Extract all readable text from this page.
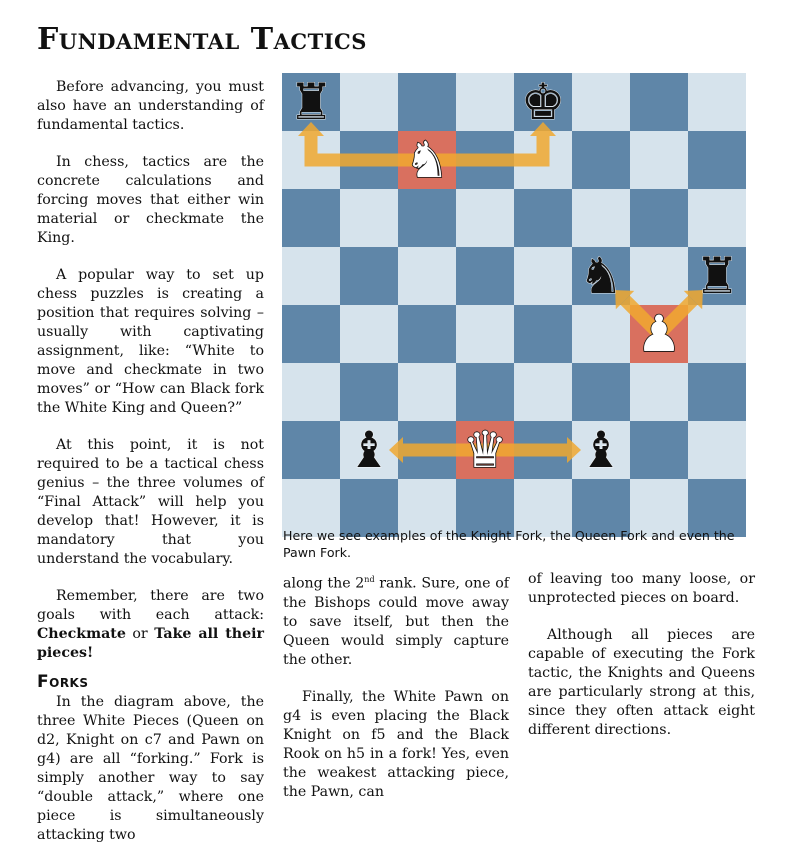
Fundamental Tactics

Before advancing, you must also have an understanding of fundamental tactics.

In chess, tactics are the concrete calculations and forcing moves that either win material or checkmate the King.

A popular way to set up chess puzzles is creating a position that requires solving – usually with captivating assignment, like: “White to move and checkmate in two moves” or “How can Black fork the White King and Queen?”

At this point, it is not required to be a tactical chess genius – the three volumes of “Final Attack” will help you develop that! However, it is mandatory that you understand the vocabulary.

Remember, there are two goals with each attack: Checkmate or Take all their pieces!

Forks

In the diagram above, the three White Pieces (Queen on d2, Knight on c7 and Pawn on g4) are all “forking.” Fork is simply another way to say “double attack,” where one piece is simultaneously attacking two

♜	♚
♞
♞ ♜
♟
♝ ♛ ♝
Here we see examples of the Knight Fork, the Queen Fork and even the Pawn Fork.

along the 2nd rank. Sure, one of the Bishops could move away to save itself, but then the Queen would simply capture the other.

Finally, the White Pawn on g4 is even placing the Black Knight on f5 and the Black Rook on h5 in a fork! Yes, even the weakest attacking piece, the Pawn, can

of leaving too many loose, or unprotected pieces on board.

Although all pieces are capable of executing the Fork tactic, the Knights and Queens are particularly strong at this, since they often attack eight different directions.
